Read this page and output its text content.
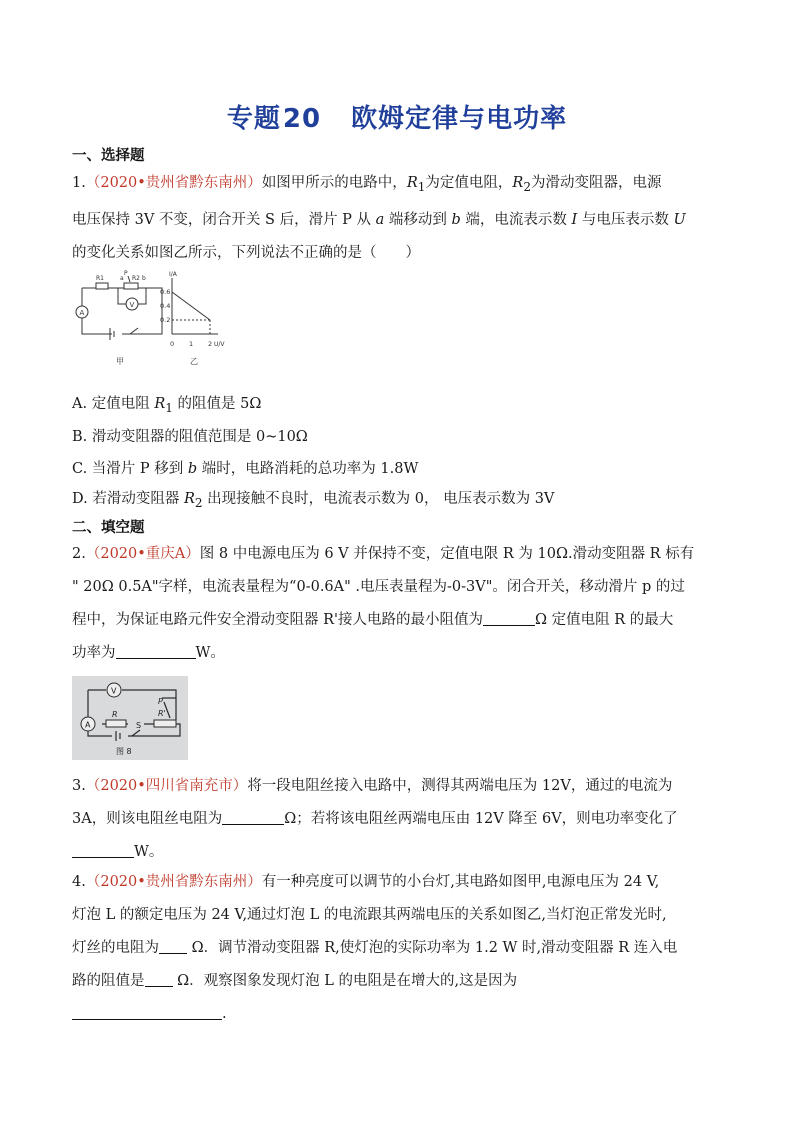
专题20 欧姆定律与电功率
一、选择题
1.（2020•贵州省黔东南州）如图甲所示的电路中，$R_1$为定值电阻，$R_2$为滑动变阻器，电源
电压保持 3V 不变，闭合开关 S 后，滑片 P 从 a 端移动到 b 端，电流表示数 I 与电压表示数 U
的变化关系如图乙所示，下列说法不正确的是（　　）
A
V
R1	R2
a	b
P
甲
I/A
0.6
0.4
0.2
0 1 2 U/V
乙
A. 定值电阻 $R_1$ 的阻值是 5Ω
B. 滑动变阻器的阻值范围是 0~10Ω
C. 当滑片 P 移到 b 端时，电路消耗的总功率为 1.8W
D. 若滑动变阻器 $R_2$ 出现接触不良时，电流表示数为 0， 电压表示数为 3V
二、填空题
2.（2020•重庆A）图 8 中电源电压为 6 V 并保持不变，定值电限 R 为 10Ω.滑动变阻器 R 标有
" 20Ω 0.5A"字样，电流表量程为“0-0.6A" .电压表量程为-0-3V"。闭合开关，移动滑片 p 的过
程中，为保证电路元件安全滑动变阻器 R'接人电路的最小阻值为	Ω 定值电阻 R 的最大
功率为	W。
V
A
R
S
P
R'
图 8
3.（2020•四川省南充市）将一段电阻丝接入电路中，测得其两端电压为 12V，通过的电流为
3A，则该电阻丝电阻为	Ω；若将该电阻丝两端电压由 12V 降至 6V，则电功率变化了
W。
4.（2020•贵州省黔东南州）有一种亮度可以调节的小台灯,其电路如图甲,电源电压为 24 V,
灯泡 L 的额定电压为 24 V,通过灯泡 L 的电流跟其两端电压的关系如图乙,当灯泡正常发光时,
灯丝的电阻为 Ω．调节滑动变阻器 R,使灯泡的实际功率为 1.2 W 时,滑动变阻器 R 连入电
路的阻值是 Ω．观察图象发现灯泡 L 的电阻是在增大的,这是因为
.
